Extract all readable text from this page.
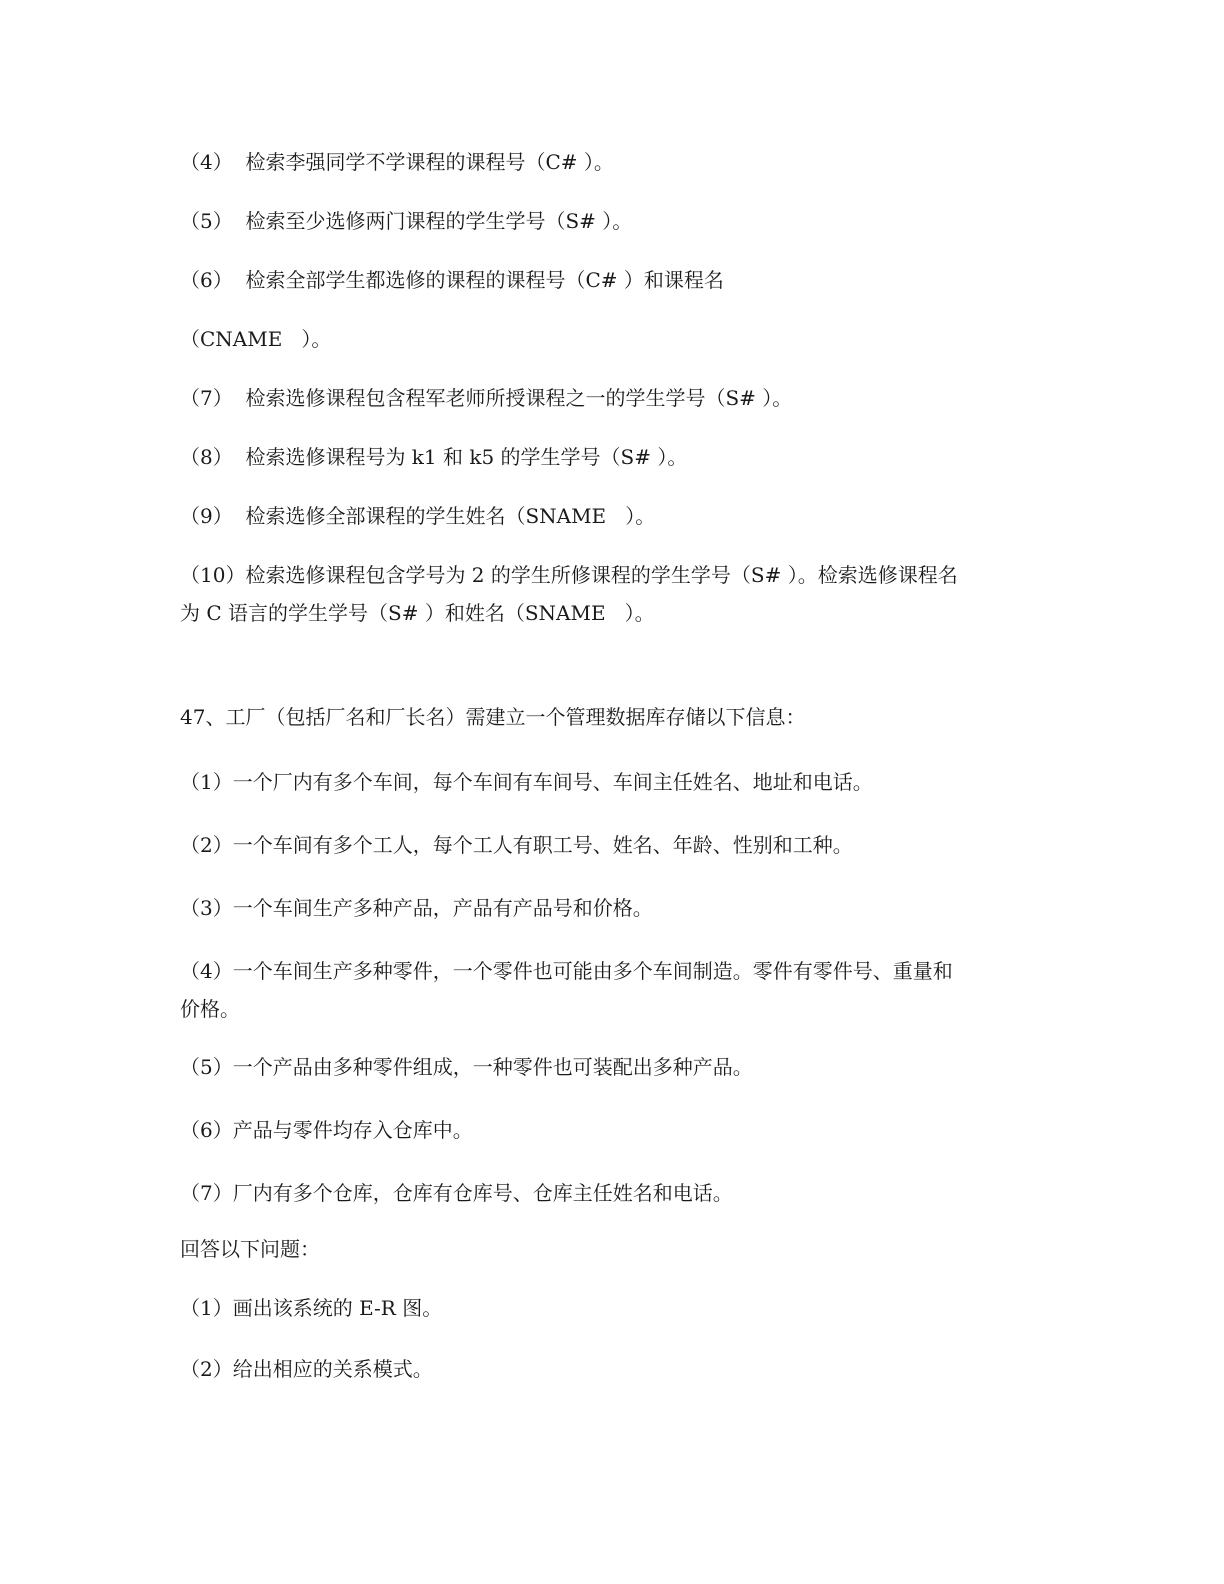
（4）  检索李强同学不学课程的课程号（C# ）。
（5）  检索至少选修两门课程的学生学号（S# ）。
（6）  检索全部学生都选修的课程的课程号（C# ）和课程名
（CNAME   ）。
（7）  检索选修课程包含程军老师所授课程之一的学生学号（S# ）。
（8）  检索选修课程号为 k1 和 k5 的学生学号（S# ）。
（9）  检索选修全部课程的学生姓名（SNAME   ）。
（10）检索选修课程包含学号为 2 的学生所修课程的学生学号（S# ）。检索选修课程名
为 C 语言的学生学号（S# ）和姓名（SNAME   ）。
47、工厂（包括厂名和厂长名）需建立一个管理数据库存储以下信息：
（1）一个厂内有多个车间，每个车间有车间号、车间主任姓名、地址和电话。
（2）一个车间有多个工人，每个工人有职工号、姓名、年龄、性别和工种。
（3）一个车间生产多种产品，产品有产品号和价格。
（4）一个车间生产多种零件，一个零件也可能由多个车间制造。零件有零件号、重量和
价格。
（5）一个产品由多种零件组成，一种零件也可装配出多种产品。
（6）产品与零件均存入仓库中。
（7）厂内有多个仓库，仓库有仓库号、仓库主任姓名和电话。
回答以下问题：
（1）画出该系统的 E-R 图。
（2）给出相应的关系模式。
